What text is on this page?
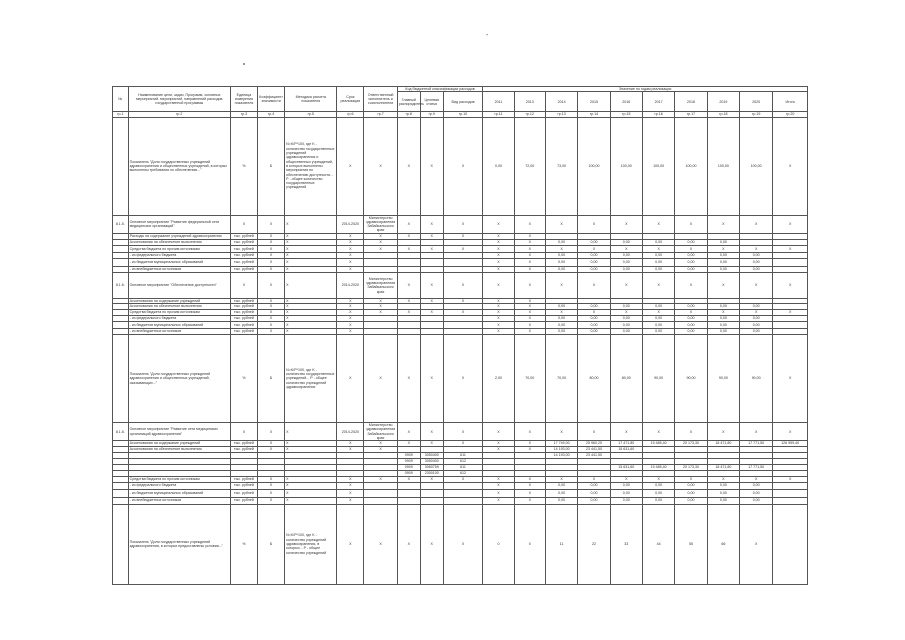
-
№	Наименование цели, задач, Программ, основных мероприятий, мероприятий, направлений расходов государственной программы	Единица измерения показателя	Коэффициент значимости	Методика расчета показателя	Срок реализации	Ответственный исполнитель и соисполнители	Код бюджетной классификации расходов			Значение по годам реализации									
							Главный распорядитель	Целевая статья	Вид расходов	2011	2013	2014	2015	2016	2017	2018	2019	2020	Итого
гр.1	гр.2	гр.3	гр.4	гр.5	гр.6	гр.7	гр.8	гр.9	гр.10	гр.11	гр.12	гр.13	гр.14	гр.15	гр.16	гр.17	гр.18	гр.19	гр.20
	Показатель "Доля государственных учреждений здравоохранения и общественных учреждений, в которых выполнены требования по обеспечению..."	%	Б	N=K/P*100, где K - количество государственных учреждений здравоохранения и общественных учреждений, в которых выполнены мероприятия по обеспечению доступности... P - общее количество государственных учреждений	X	X	X	X	X	0,00	72,00	73,00	100,00	100,00	100,00	100,00	100,00	100,00	X
8.1.5.	Основное мероприятие "Развитие федеральной сети медицинских организаций"	Х	Х	Х	2014-2020	Министерство здравоохранения Забайкальского края	X	X	X	X	X	X	X	X	X	X	X	X	X
	Расходы на содержание учреждений здравоохранения	тыс. рублей	Х	Х	Х	X	X	X	X	X	X								
	Ассигнования на обеспечение выполнения	тыс. рублей	Х	Х	Х	X				X	X	0,00	0,00	0,00	0,00	0,00	0,00		
	Средства бюджета по прочим источникам	тыс. рублей	Х	Х	Х	X	X	X	X	X	X	X	X	X	X	X	X	X	X
	- из федерального бюджета	тыс. рублей	Х	Х	Х					X	X	0,00	0,00	0,00	0,00	0,00	0,00	0,00	
	- из бюджетов муниципальных образований	тыс. рублей	Х	Х	Х					X	X	0,00	0,00	0,00	0,00	0,00	0,00	0,00	
	- из внебюджетных источников	тыс. рублей	Х	Х	Х					X	X	0,00	0,00	0,00	0,00	0,00	0,00	0,00	
8.1.6.	Основное мероприятие "Обеспечение доступности"	Х	Х	Х	2014-2020	Министерство здравоохранения Забайкальского края	X	X	X	X	X	X	X	X	X	X	X	X	X
	Ассигнования на содержание учреждений	тыс. рублей	Х	Х	Х	X	X	X	X	X	X								
	Ассигнования на обеспечение выполнения	тыс. рублей	Х	Х	Х	X				X	X	0,00	0,00	0,00	0,00	0,00	0,00	0,00	
	Средства бюджета по прочим источникам	тыс. рублей	Х	Х	Х	X	X	X	X	X	X	X	X	X	X	X	X	X	X
	- из федерального бюджета	тыс. рублей	Х	Х	Х					X	X	0,00	0,00	0,00	0,00	0,00	0,00	0,00	
	- из бюджетов муниципальных образований	тыс. рублей	Х	Х	Х					X	X	0,00	0,00	0,00	0,00	0,00	0,00	0,00	
	- из внебюджетных источников	тыс. рублей	Х	Х	Х					X	X	0,00	0,00	0,00	0,00	0,00	0,00	0,00	
	Показатель "Доля государственных учреждений здравоохранения и общественных учреждений, оказывающих..."	%	Б	N=K/P*100, где K - количество государственных учреждений... P - общее количество учреждений здравоохранения	X	X	X	X	X	2,00	70,00	70,00	80,00	80,00	90,00	90,00	90,00	90,00	X
8.1.8.	Основное мероприятие "Развитие сети медицинских организаций здравоохранения"	Х	Х	Х	2014-2020	Министерство здравоохранения Забайкальского края	X	X	X	X	X	X	X	X	X	X	X	X	X
	Ассигнования на содержание учреждений	тыс. рублей	Х	Х	Х	X	X	X	X	X	X	17 749,00	25 960,20	17 471,80	19 485,40	20 173,30	18 471,80	17 771,50	126 959,40
	Ассигнования на обеспечение выполнения	тыс. рублей	Х	Х	Х	X				X	X	14 193,00	23 441,50	15 631,60					
							0909	3050400	611			14 193,00	23 441,50						
							0909	3050400	612										
							0909	3060759	611					15 631,60	19 485,40	20 173,30	18 471,80	17 771,50	
							0909	2300100	612										
	Средства бюджета по прочим источникам	тыс. рублей	Х	Х	Х	X	X	X	X	X	X	X	X	X	X	X	X	X	X
	- из федерального бюджета	тыс. рублей	Х	Х	Х					X	X	0,00	0,00	0,00	0,00	0,00	0,00	0,00	
	- из бюджетов муниципальных образований	тыс. рублей	Х	Х	Х					X	X	0,00	0,00	0,00	0,00	0,00	0,00	0,00	
	- из внебюджетных источников	тыс. рублей	Х	Х	Х					X	X	0,00	0,00	0,00	0,00	0,00	0,00	0,00	
	Показатель "Доля государственных учреждений здравоохранения, в которых предоставлены условия..."	%	Б	N=K/P*100, где K - количество учреждений здравоохранения, в которых... P - общее количество учреждений	X	X	X	X	X	0	0	11	22	33	44	55	66	X	
